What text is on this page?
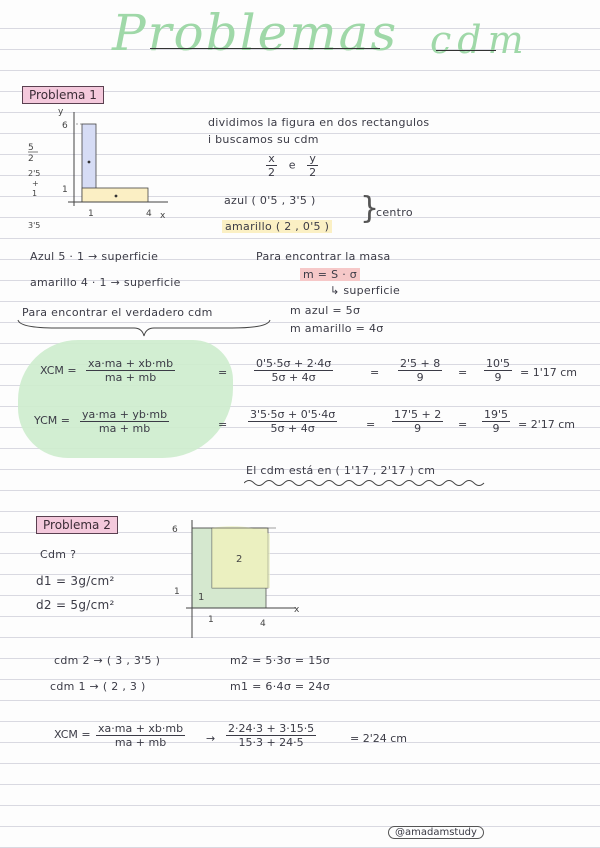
Problemas cdm
Problema 1
y
6
1
1	4 x
5
2
2'5
+
1
3'5
dividimos la figura en dos rectangulos
i buscamos su cdm
$\frac{x}{2}$ e $\frac{y}{2}$
azul ( 0'5 , 3'5 )
amarillo ( 2 , 0'5 )
}
centro
Azul 5 · 1 → superficie
amarillo 4 · 1 → superficie
Para encontrar la masa
m = S · σ
↳ superficie
Para encontrar el verdadero cdm	m azul = 5σ
m amarillo = 4σ
XCM = $\frac{xa\cdot ma + xb\cdot mb}{ma + mb}$	= $\frac{0'5\cdot 5\sigma + 2\cdot 4\sigma}{5\sigma + 4\sigma}$	= $\frac{2'5 + 8}{9} = \frac{10'5}{9} = 1'17$ cm
YCM = $\frac{ya\cdot ma + yb\cdot mb}{ma + mb}$	= $\frac{3'5\cdot 5\sigma + 0'5\cdot 4\sigma}{5\sigma + 4\sigma}$	= $\frac{17'5 + 2}{9} = \frac{19'5}{9} = 2'17$ cm
El cdm está en ( 1'17 , 2'17 ) cm
Problema 2
Cdm ?
d1 = 3g/cm²
d2 = 5g/cm²
6
1
1	4
x
2
1
cdm 2 → ( 3 , 3'5 )
cdm 1 → ( 2 , 3 )
m2 = 5·3σ = 15σ
m1 = 6·4σ = 24σ
XCM = $\frac{xa\cdot ma + xb\cdot mb}{ma + mb} \to \frac{2\cdot 24\cdot 3 + 3\cdot 15\cdot 5}{15\cdot 3 + 24\cdot 5}$	= 2'24 cm
@amadamstudy
